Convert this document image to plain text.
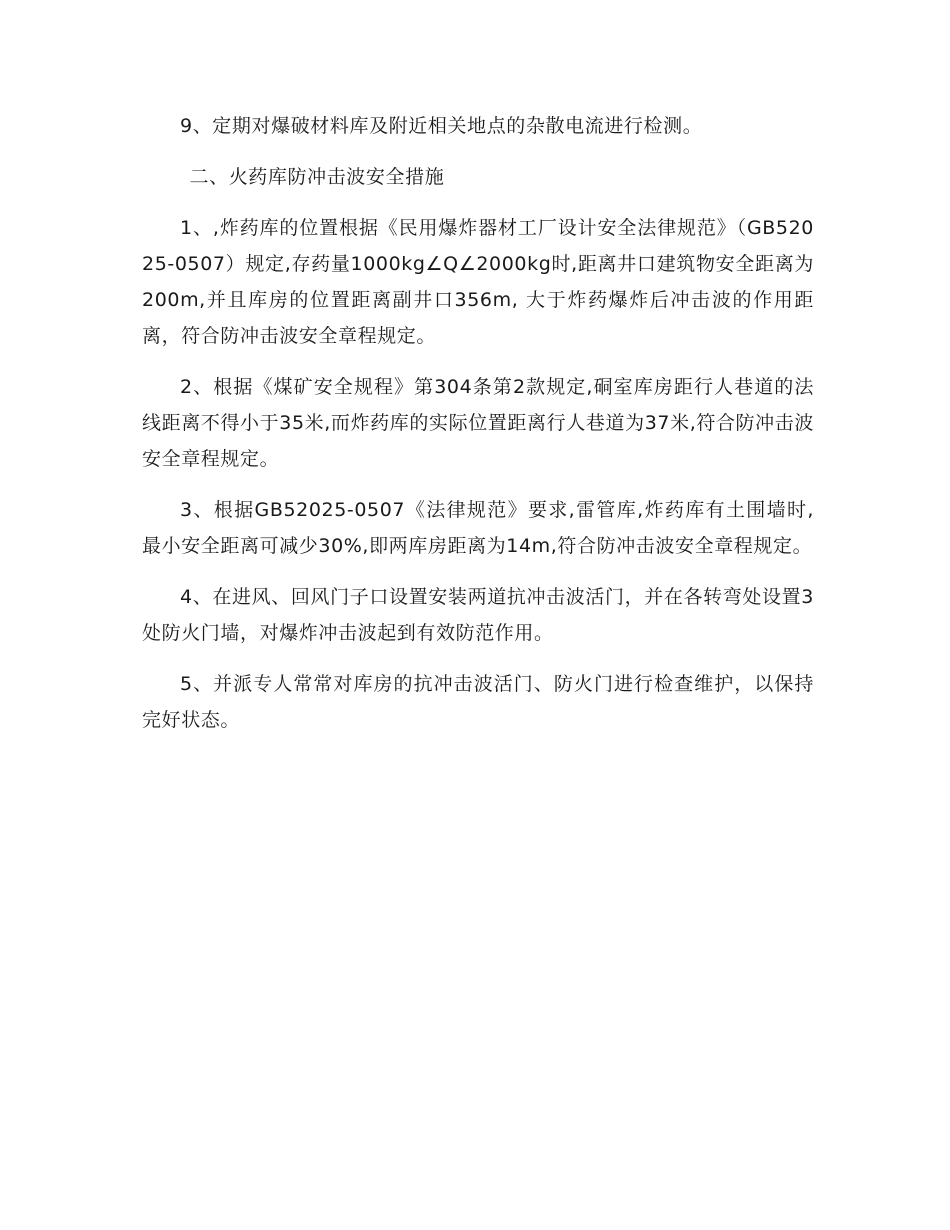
9、定期对爆破材料库及附近相关地点的杂散电流进行检测。

二、火药库防冲击波安全措施

1、,炸药库的位置根据《民用爆炸器材工厂设计安全法律规范》（GB52025-0507）规定,存药量1000kg∠Q∠2000kg时,距离井口建筑物安全距离为200m,并且库房的位置距离副井口356m, 大于炸药爆炸后冲击波的作用距离，符合防冲击波安全章程规定。

2、根据《煤矿安全规程》第304条第2款规定,硐室库房距行人巷道的法线距离不得小于35米,而炸药库的实际位置距离行人巷道为37米,符合防冲击波安全章程规定。

3、根据GB52025-0507《法律规范》要求,雷管库,炸药库有土围墙时,最小安全距离可减少30%,即两库房距离为14m,符合防冲击波安全章程规定。

4、在进风、回风门子口设置安装两道抗冲击波活门，并在各转弯处设置3处防火门墙，对爆炸冲击波起到有效防范作用。

5、并派专人常常对库房的抗冲击波活门、防火门进行检查维护，以保持完好状态。
